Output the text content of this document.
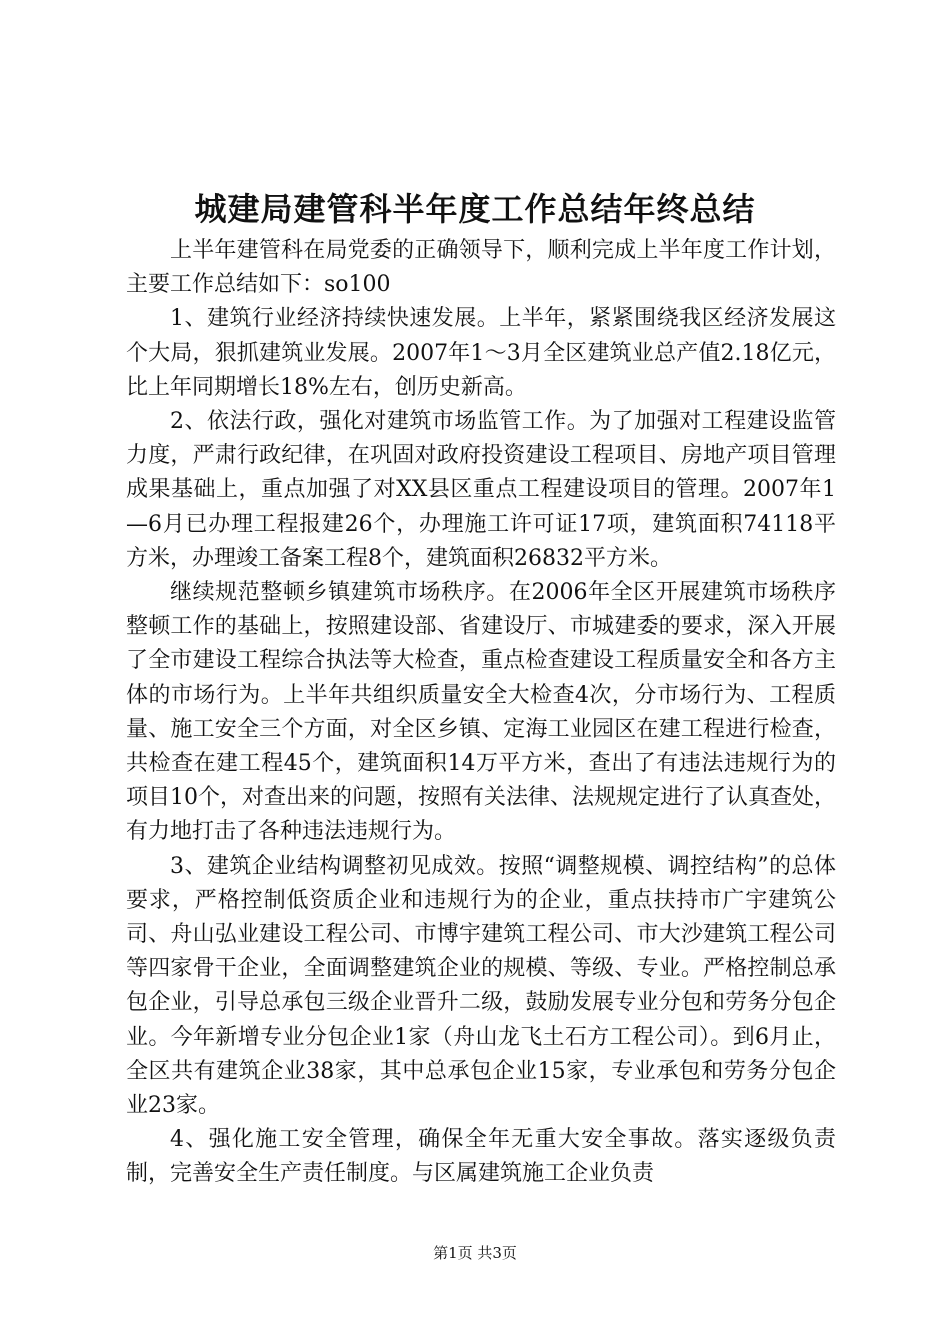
城建局建管科半年度工作总结年终总结

上半年建管科在局党委的正确领导下，顺利完成上半年度工作计划，主要工作总结如下：so100

1、建筑行业经济持续快速发展。上半年，紧紧围绕我区经济发展这个大局，狠抓建筑业发展。2007年1～3月全区建筑业总产值2.18亿元，比上年同期增长18%左右，创历史新高。

2、依法行政，强化对建筑市场监管工作。为了加强对工程建设监管力度，严肃行政纪律，在巩固对政府投资建设工程项目、房地产项目管理成果基础上，重点加强了对XX县区重点工程建设项目的管理。2007年1—6月已办理工程报建26个，办理施工许可证17项，建筑面积74118平方米，办理竣工备案工程8个，建筑面积26832平方米。

继续规范整顿乡镇建筑市场秩序。在2006年全区开展建筑市场秩序整顿工作的基础上，按照建设部、省建设厅、市城建委的要求，深入开展了全市建设工程综合执法等大检查，重点检查建设工程质量安全和各方主体的市场行为。上半年共组织质量安全大检查4次，分市场行为、工程质量、施工安全三个方面，对全区乡镇、定海工业园区在建工程进行检查，共检查在建工程45个，建筑面积14万平方米，查出了有违法违规行为的项目10个，对查出来的问题，按照有关法律、法规规定进行了认真查处，有力地打击了各种违法违规行为。

3、建筑企业结构调整初见成效。按照“调整规模、调控结构”的总体要求，严格控制低资质企业和违规行为的企业，重点扶持市广宇建筑公司、舟山弘业建设工程公司、市博宇建筑工程公司、市大沙建筑工程公司等四家骨干企业，全面调整建筑企业的规模、等级、专业。严格控制总承包企业，引导总承包三级企业晋升二级，鼓励发展专业分包和劳务分包企业。今年新增专业分包企业1家（舟山龙飞土石方工程公司）。到6月止，全区共有建筑企业38家，其中总承包企业15家，专业承包和劳务分包企业23家。

4、强化施工安全管理，确保全年无重大安全事故。落实逐级负责制，完善安全生产责任制度。与区属建筑施工企业负责

第1页 共3页
